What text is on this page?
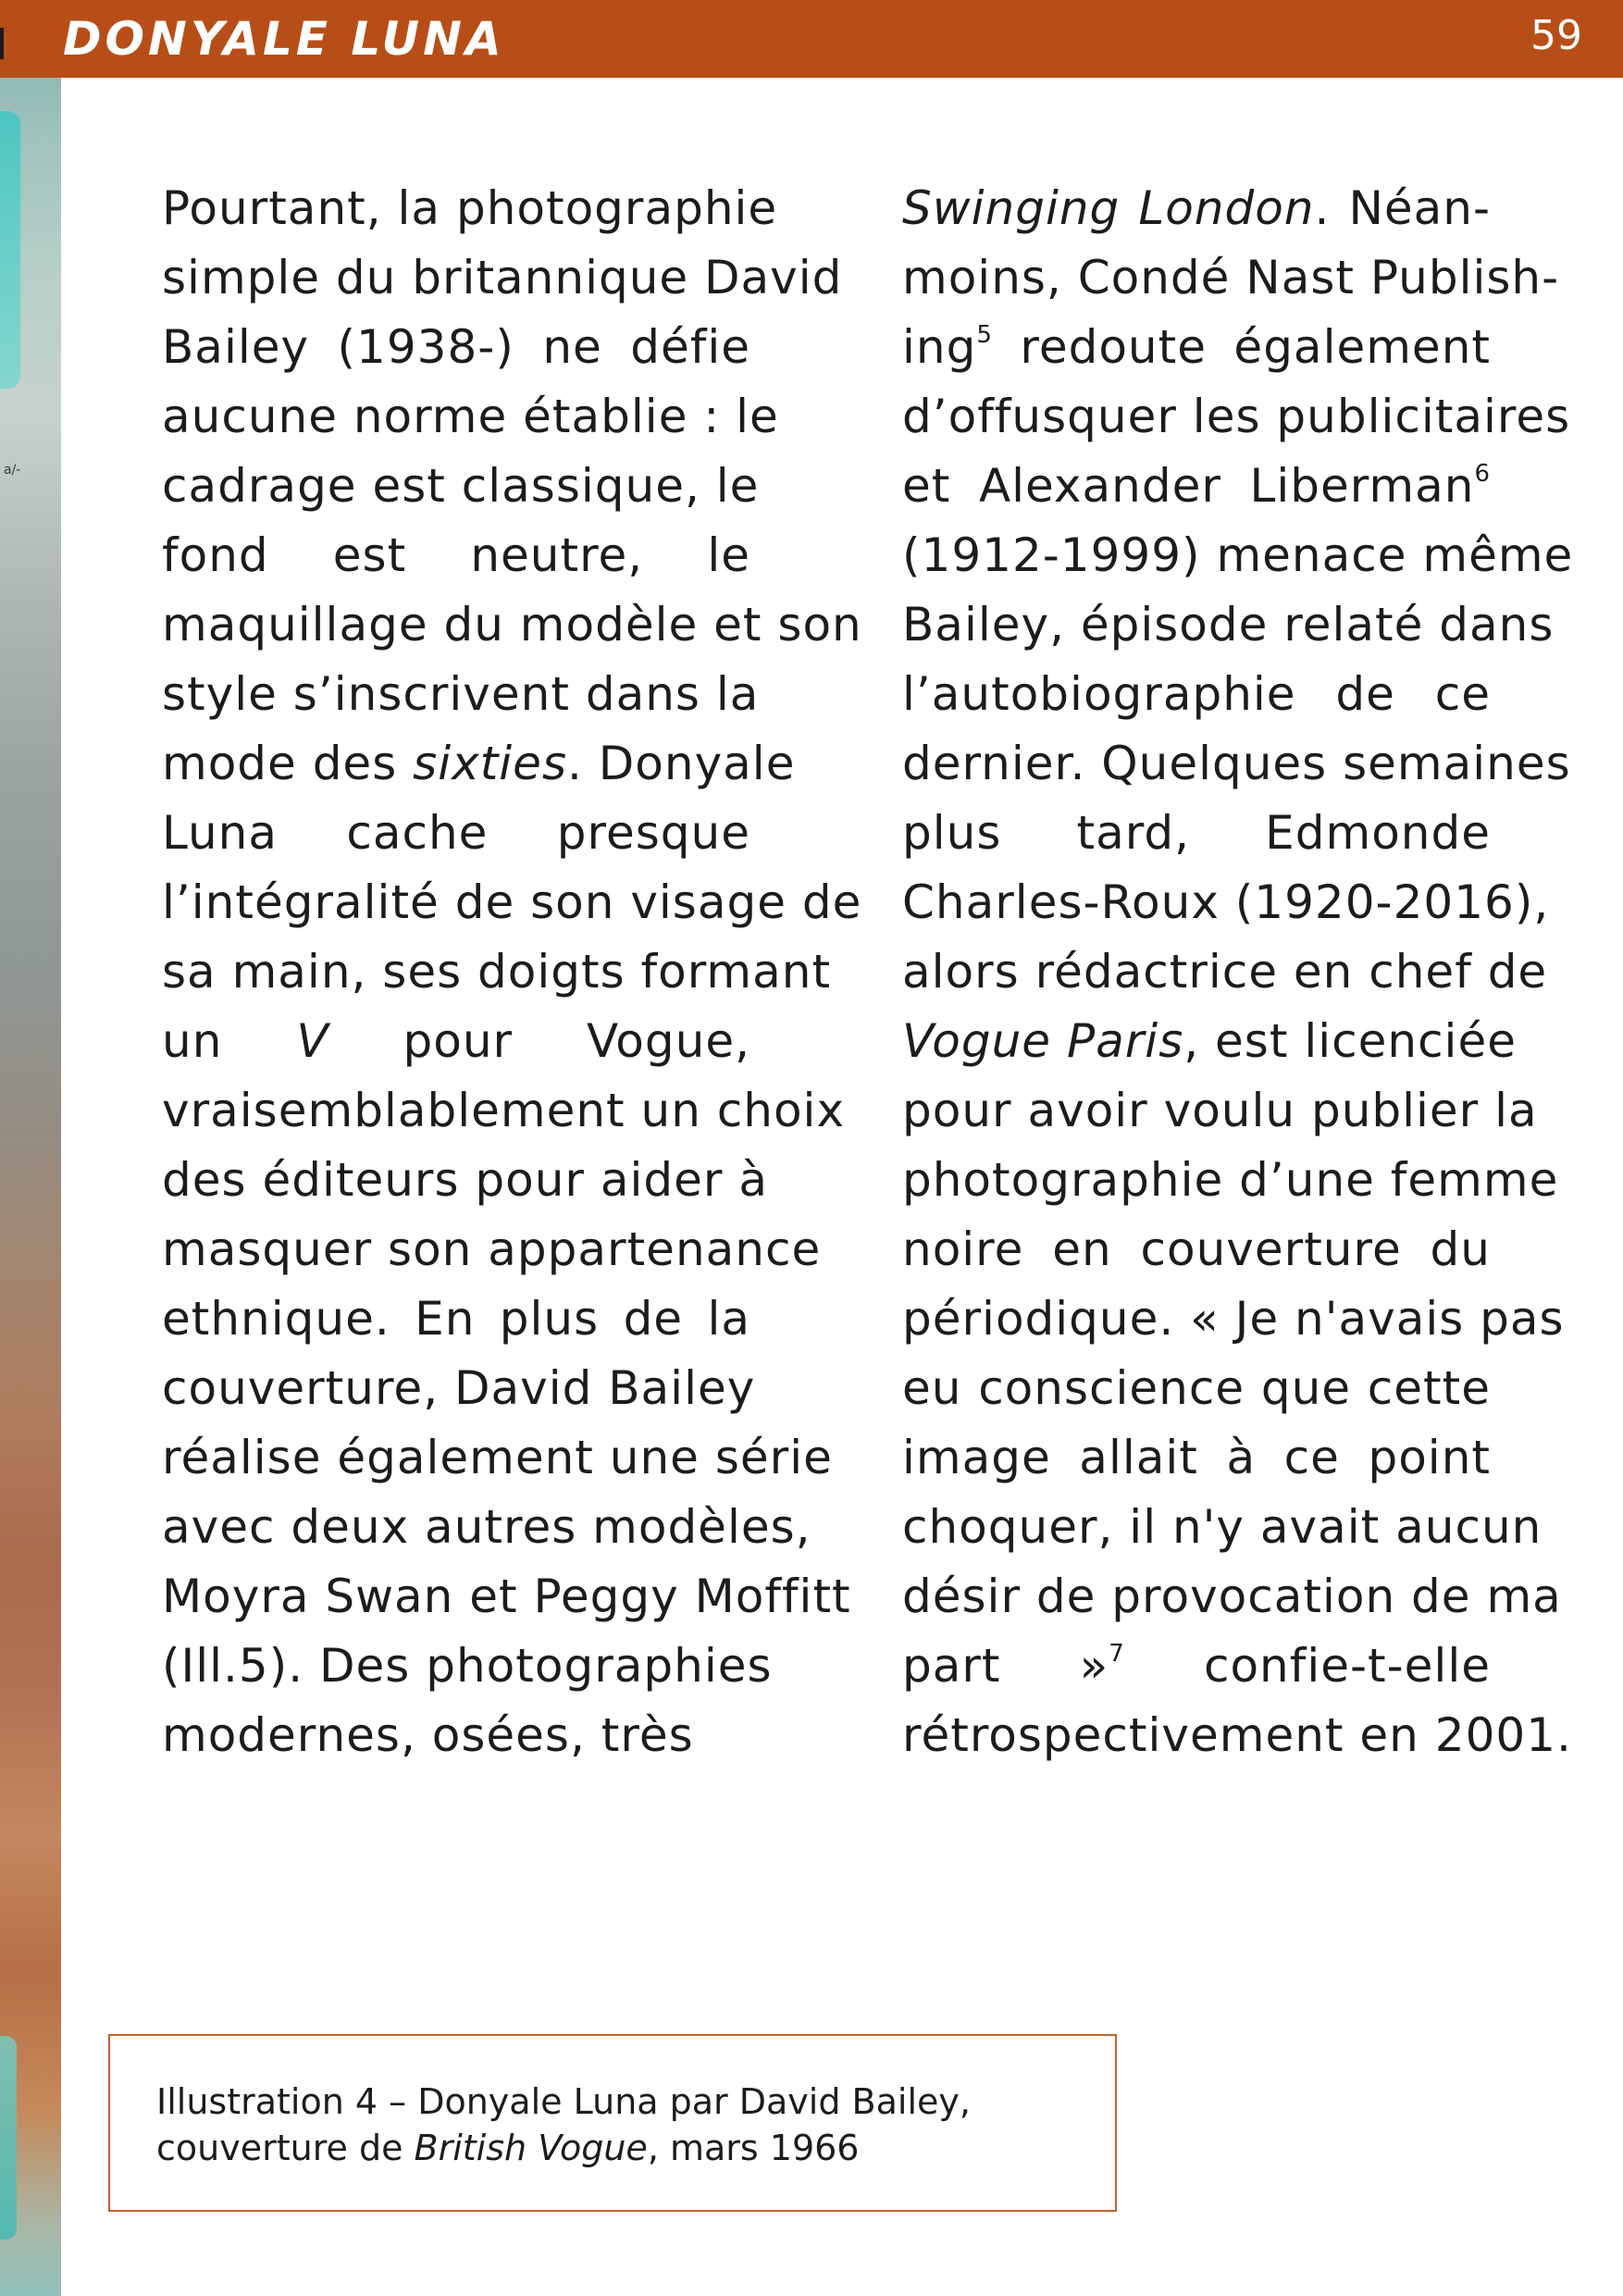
a/-
DONYALE LUNA	59
Pourtant, la photographie
simple du britannique David
Bailey (1938-) ne défie
aucune norme établie : le
cadrage est classique, le
fond est neutre, le
maquillage du modèle et son
style s’inscrivent dans la
mode des sixties. Donyale
Luna cache presque
l’intégralité de son visage de
sa main, ses doigts formant
un V pour Vogue,
vraisemblablement un choix
des éditeurs pour aider à
masquer son appartenance
ethnique. En plus de la
couverture, David Bailey
réalise également une série
avec deux autres modèles,
Moyra Swan et Peggy Moffitt
(Ill.5). Des photographies
modernes, osées, très
Swinging London. Néan-
moins, Condé Nast Publish-
ing$^5$ redoute également
d’offusquer les publicitaires
et Alexander Liberman$^6$
(1912-1999) menace même
Bailey, épisode relaté dans
l’autobiographie de ce
dernier. Quelques semaines
plus tard, Edmonde
Charles-Roux (1920-2016),
alors rédactrice en chef de
Vogue Paris, est licenciée
pour avoir voulu publier la
photographie d’une femme
noire en couverture du
périodique. « Je n'avais pas
eu conscience que cette
image allait à ce point
choquer, il n'y avait aucun
désir de provocation de ma
part »$^7$ confie-t-elle
rétrospectivement en 2001.
Illustration 4 – Donyale Luna par David Bailey,
couverture de British Vogue, mars 1966
